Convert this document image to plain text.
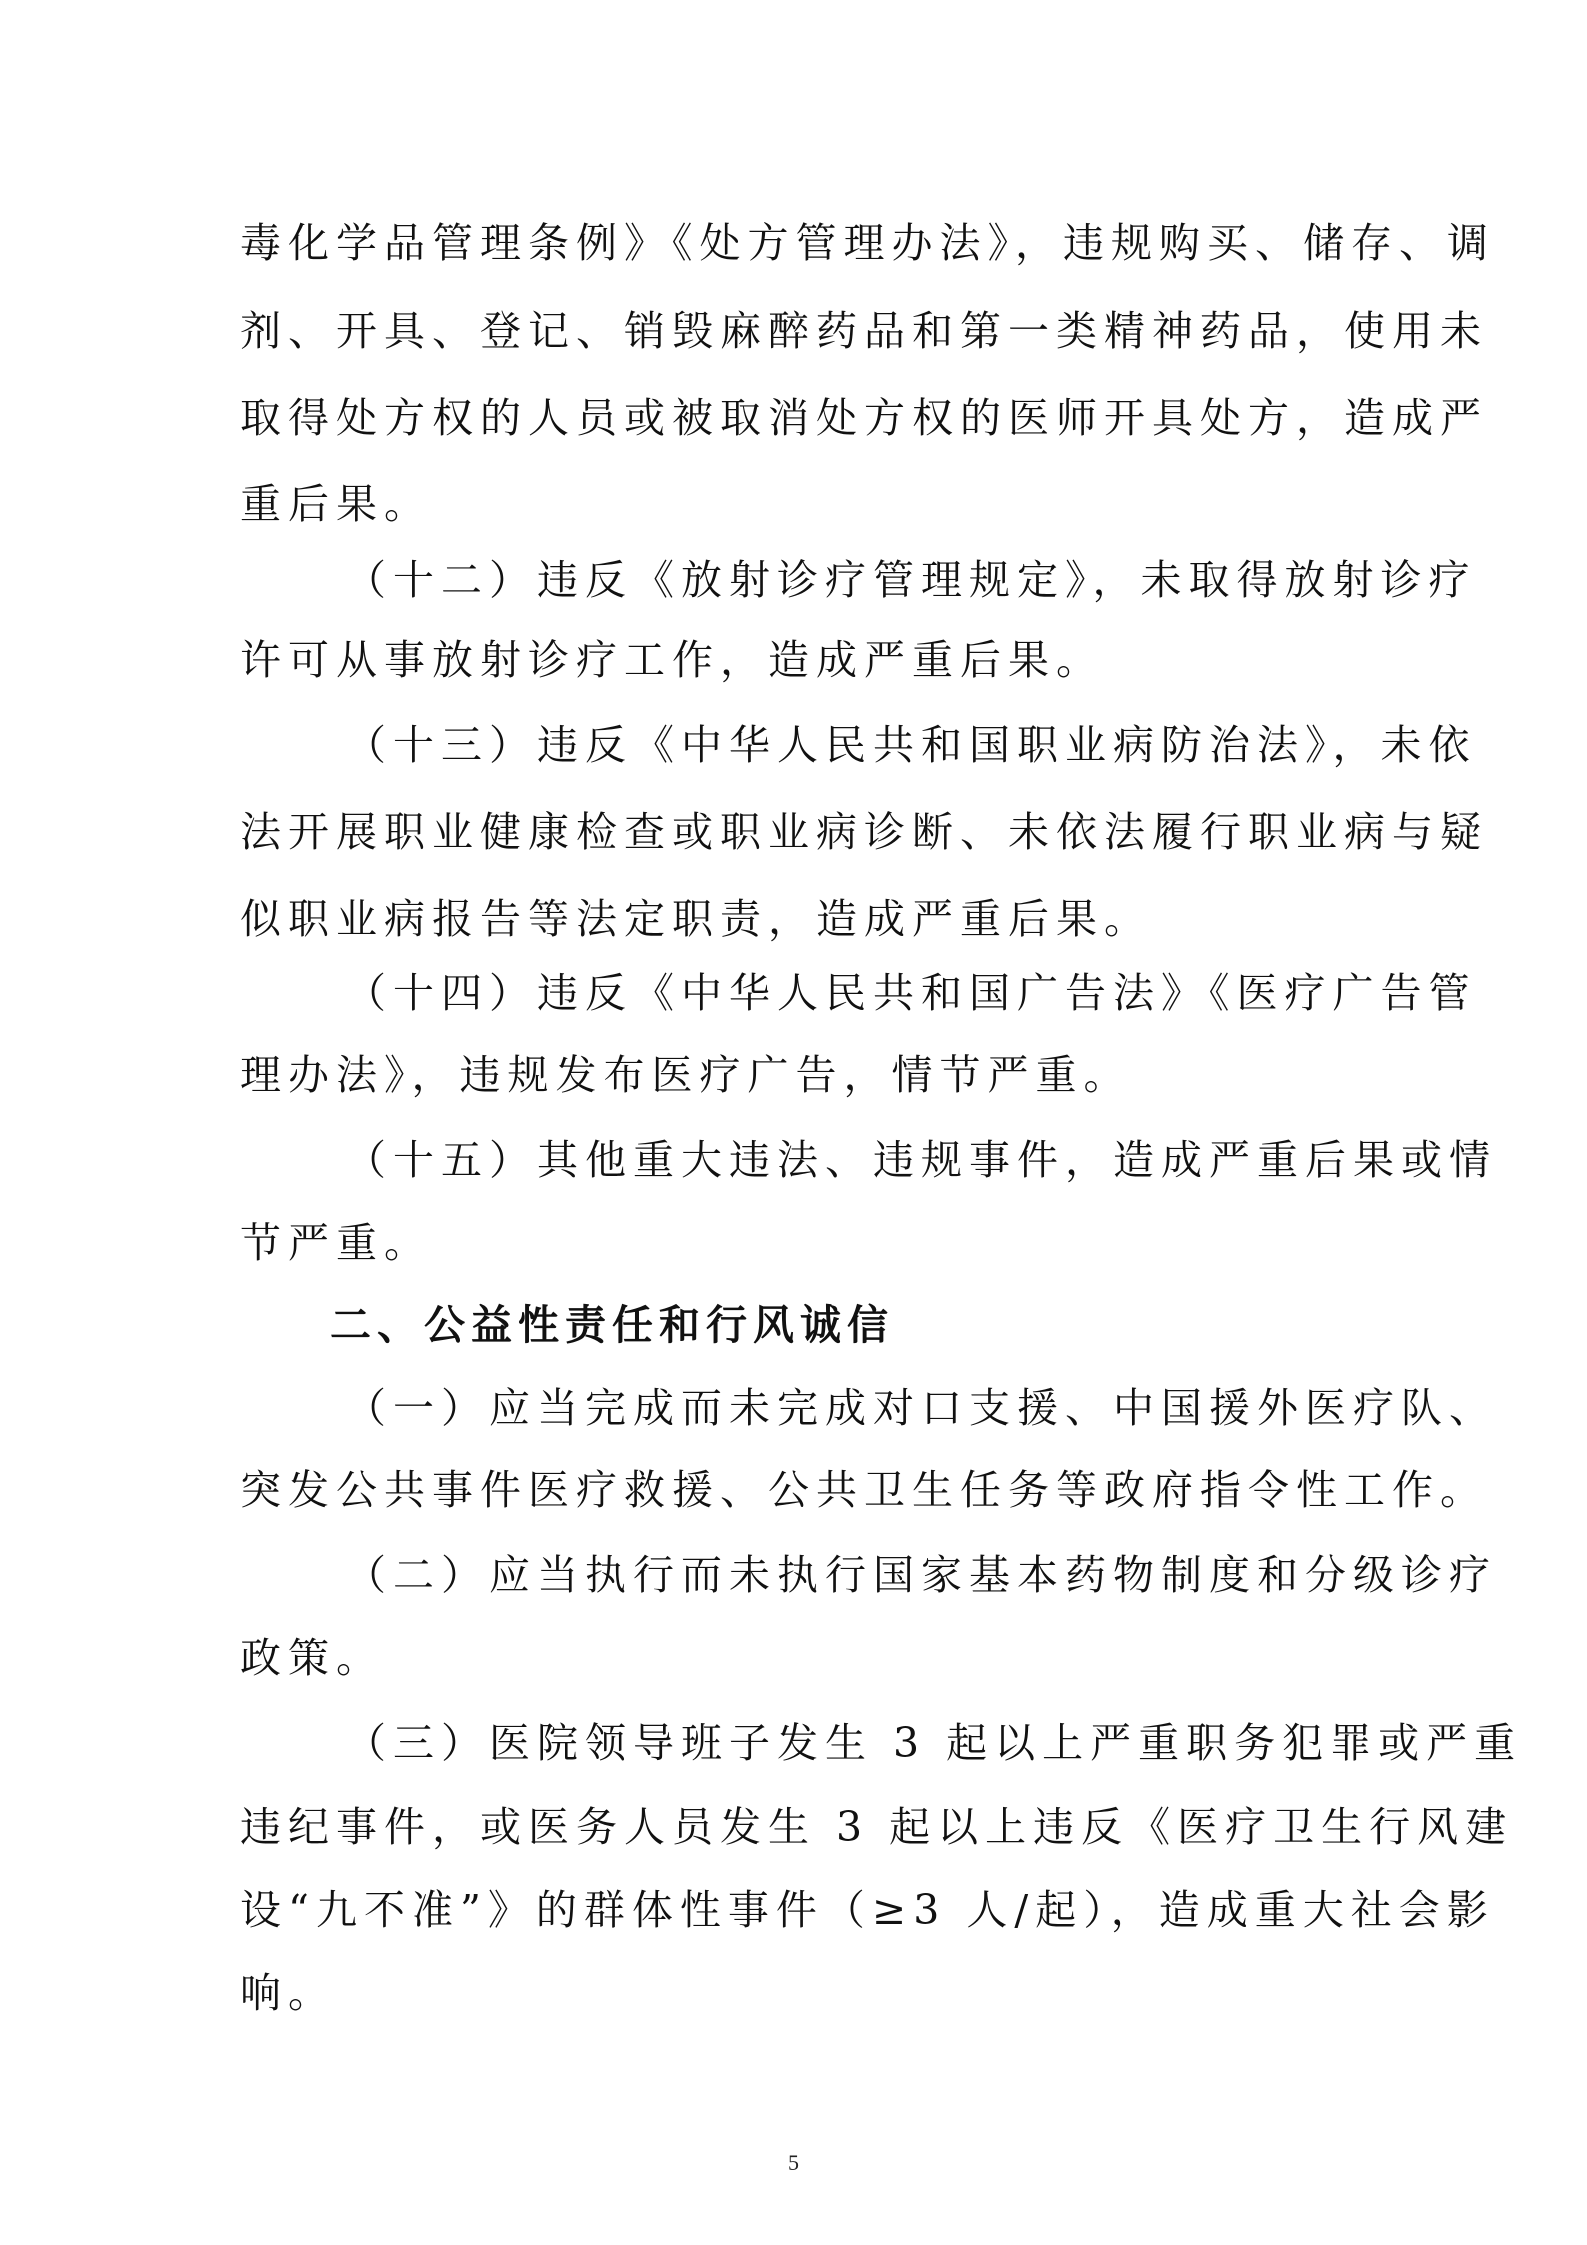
毒化学品管理条例》《处方管理办法》，违规购买、储存、调
剂、开具、登记、销毁麻醉药品和第一类精神药品，使用未
取得处方权的人员或被取消处方权的医师开具处方，造成严
重后果。
（十二）违反《放射诊疗管理规定》，未取得放射诊疗
许可从事放射诊疗工作，造成严重后果。
（十三）违反《中华人民共和国职业病防治法》，未依
法开展职业健康检查或职业病诊断、未依法履行职业病与疑
似职业病报告等法定职责，造成严重后果。
（十四）违反《中华人民共和国广告法》《医疗广告管
理办法》，违规发布医疗广告，情节严重。
（十五）其他重大违法、违规事件，造成严重后果或情
节严重。
二、公益性责任和行风诚信
（一）应当完成而未完成对口支援、中国援外医疗队、
突发公共事件医疗救援、公共卫生任务等政府指令性工作。
（二）应当执行而未执行国家基本药物制度和分级诊疗
政策。
（三）医院领导班子发生 3 起以上严重职务犯罪或严重
违纪事件，或医务人员发生 3 起以上违反《医疗卫生行风建
设“九不准”》的群体性事件（≥3 人/起），造成重大社会影
响。
5
